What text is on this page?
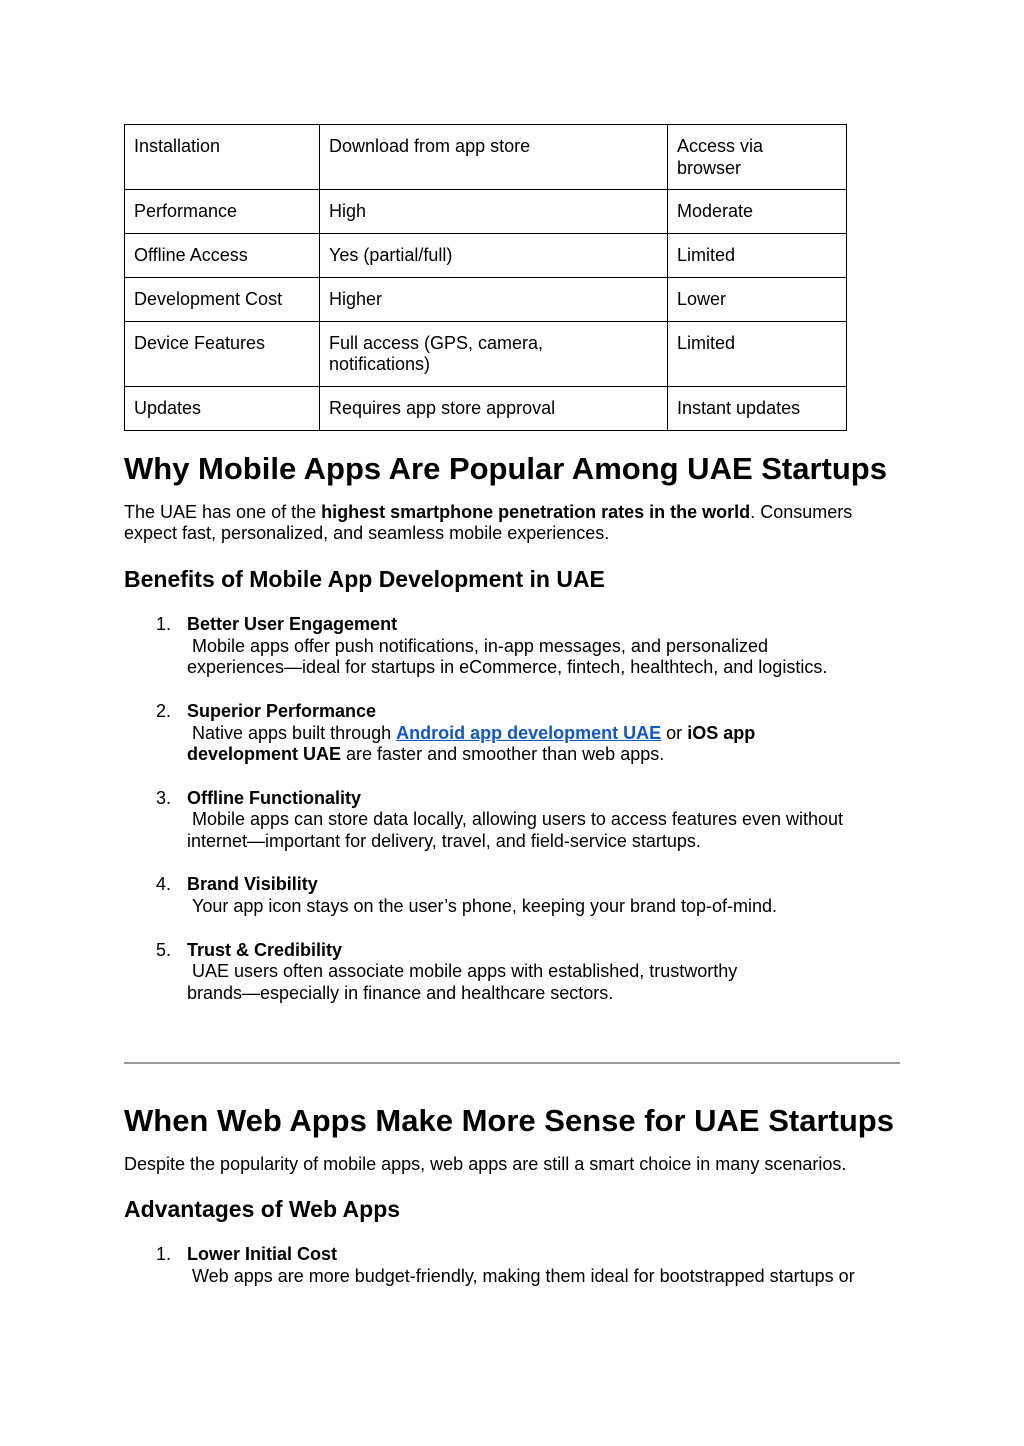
Installation	Download from app store	Access via
browser

Performance	High	Moderate

Offline Access	Yes (partial/full)	Limited

Development Cost	Higher	Lower

Device Features	Full access (GPS, camera,
notifications)	Limited

Updates	Requires app store approval	Instant updates
Why Mobile Apps Are Popular Among UAE Startups
The UAE has one of the highest smartphone penetration rates in the world. Consumers
expect fast, personalized, and seamless mobile experiences.
Benefits of Mobile App Development in UAE
1. Better User Engagement
Mobile apps offer push notifications, in-app messages, and personalized
experiences—ideal for startups in eCommerce, fintech, healthtech, and logistics.
2. Superior Performance
Native apps built through Android app development UAE or iOS app
development UAE are faster and smoother than web apps.
3. Offline Functionality
Mobile apps can store data locally, allowing users to access features even without
internet—important for delivery, travel, and field-service startups.
4. Brand Visibility
Your app icon stays on the user’s phone, keeping your brand top-of-mind.
5. Trust & Credibility
UAE users often associate mobile apps with established, trustworthy
brands—especially in finance and healthcare sectors.
When Web Apps Make More Sense for UAE Startups
Despite the popularity of mobile apps, web apps are still a smart choice in many scenarios.
Advantages of Web Apps
1. Lower Initial Cost
Web apps are more budget-friendly, making them ideal for bootstrapped startups or
